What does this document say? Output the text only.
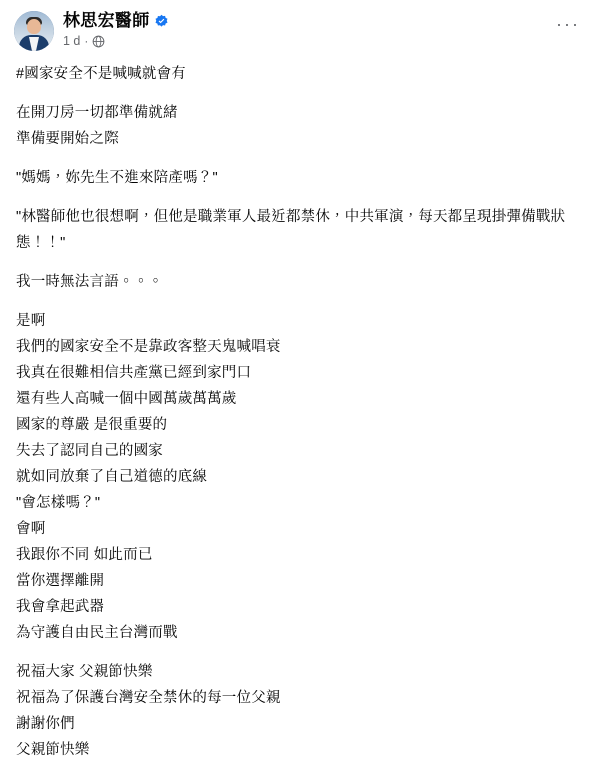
林思宏醫師
1 d ·
···
#國家安全不是喊喊就會有
在開刀房一切都準備就緒
準備要開始之際
"媽媽，妳先生不進來陪產嗎？"
"林醫師他也很想啊，但他是職業軍人最近都禁休，中共軍演，每天都呈現掛彈備戰狀態！！"
我一時無法言語。。。
是啊
我們的國家安全不是靠政客整天鬼喊唱衰
我真在很難相信共產黨已經到家門口
還有些人高喊一個中國萬歲萬萬歲
國家的尊嚴 是很重要的
失去了認同自己的國家
就如同放棄了自己道德的底線
"會怎樣嗎？"
會啊
我跟你不同 如此而已
當你選擇離開
我會拿起武器
為守護自由民主台灣而戰
祝福大家 父親節快樂
祝福為了保護台灣安全禁休的每一位父親
謝謝你們
父親節快樂
